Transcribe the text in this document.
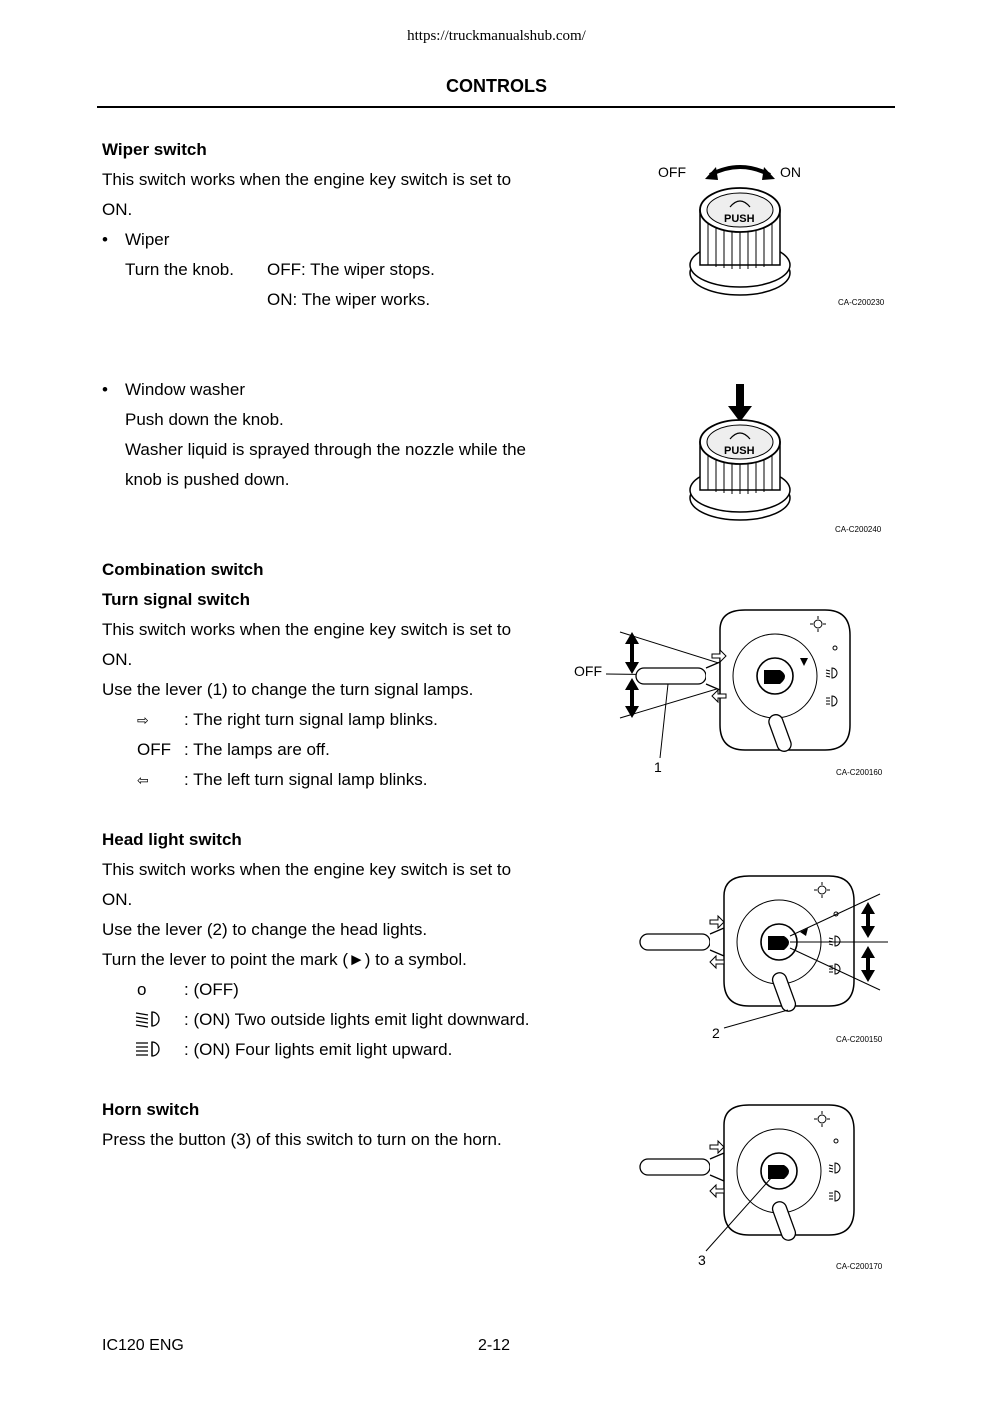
https://truckmanualshub.com/
CONTROLS
Wiper switch
This switch works when the engine key switch is set to
ON.
• Wiper
Turn the knob. OFF: The wiper stops.
ON: The wiper works.
• Window washer
Push down the knob.
Washer liquid is sprayed through the nozzle while the
knob is pushed down.
Combination switch
Turn signal switch
This switch works when the engine key switch is set to
ON.
Use the lever (1) to change the turn signal lamps.
⇨ : The right turn signal lamp blinks.
OFF : The lamps are off.
⇦ : The left turn signal lamp blinks.
Head light switch
This switch works when the engine key switch is set to
ON.
Use the lever (2) to change the head lights.
Turn the lever to point the mark (►) to a symbol.
o : (OFF)
: (ON) Two outside lights emit light downward.
: (ON) Four lights emit light upward.
Horn switch
Press the button (3) of this switch to turn on the horn.
OFF	ON
PUSH
CA-C200230
PUSH
CA-C200240
OFF
1	CA-C200160
2	CA-C200150
3	CA-C200170
IC120 ENG	2-12
